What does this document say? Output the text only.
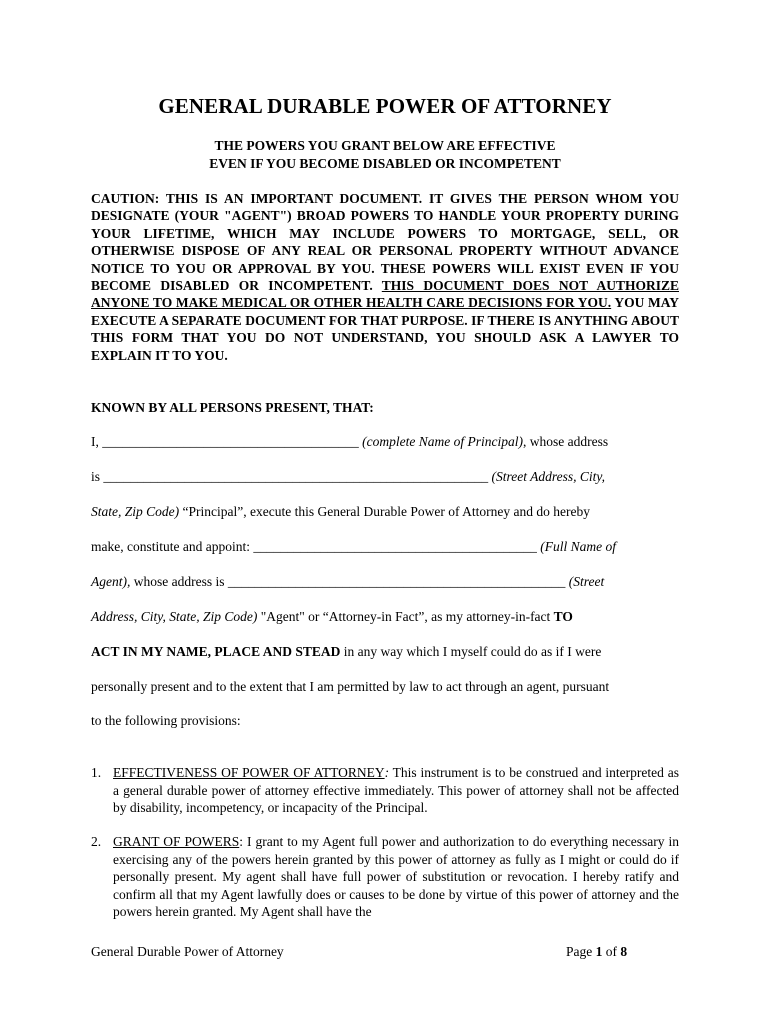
GENERAL DURABLE POWER OF ATTORNEY
THE POWERS YOU GRANT BELOW ARE EFFECTIVE
EVEN IF YOU BECOME DISABLED OR INCOMPETENT
CAUTION: THIS IS AN IMPORTANT DOCUMENT. IT GIVES THE PERSON WHOM YOU DESIGNATE (YOUR "AGENT") BROAD POWERS TO HANDLE YOUR PROPERTY DURING YOUR LIFETIME, WHICH MAY INCLUDE POWERS TO MORTGAGE, SELL, OR OTHERWISE DISPOSE OF ANY REAL OR PERSONAL PROPERTY WITHOUT ADVANCE NOTICE TO YOU OR APPROVAL BY YOU. THESE POWERS WILL EXIST EVEN IF YOU BECOME DISABLED OR INCOMPETENT. THIS DOCUMENT DOES NOT AUTHORIZE ANYONE TO MAKE MEDICAL OR OTHER HEALTH CARE DECISIONS FOR YOU. YOU MAY EXECUTE A SEPARATE DOCUMENT FOR THAT PURPOSE. IF THERE IS ANYTHING ABOUT THIS FORM THAT YOU DO NOT UNDERSTAND, YOU SHOULD ASK A LAWYER TO EXPLAIN IT TO YOU.
KNOWN BY ALL PERSONS PRESENT, THAT:
I, ______________________________________ (complete Name of Principal), whose address
is _________________________________________________________ (Street Address, City,
State, Zip Code) “Principal”, execute this General Durable Power of Attorney and do hereby
make, constitute and appoint: __________________________________________ (Full Name of
Agent), whose address is __________________________________________________ (Street
Address, City, State, Zip Code) "Agent" or “Attorney-in Fact”, as my attorney-in-fact TO
ACT IN MY NAME, PLACE AND STEAD in any way which I myself could do as if I were
personally present and to the extent that I am permitted by law to act through an agent, pursuant
to the following provisions:
1. EFFECTIVENESS OF POWER OF ATTORNEY: This instrument is to be construed and interpreted as a general durable power of attorney effective immediately. This power of attorney shall not be affected by disability, incompetency, or incapacity of the Principal.
2. GRANT OF POWERS: I grant to my Agent full power and authorization to do everything necessary in exercising any of the powers herein granted by this power of attorney as fully as I might or could do if personally present. My agent shall have full power of substitution or revocation. I hereby ratify and confirm all that my Agent lawfully does or causes to be done by virtue of this power of attorney and the powers herein granted. My Agent shall have the
General Durable Power of Attorney	Page 1 of 8
